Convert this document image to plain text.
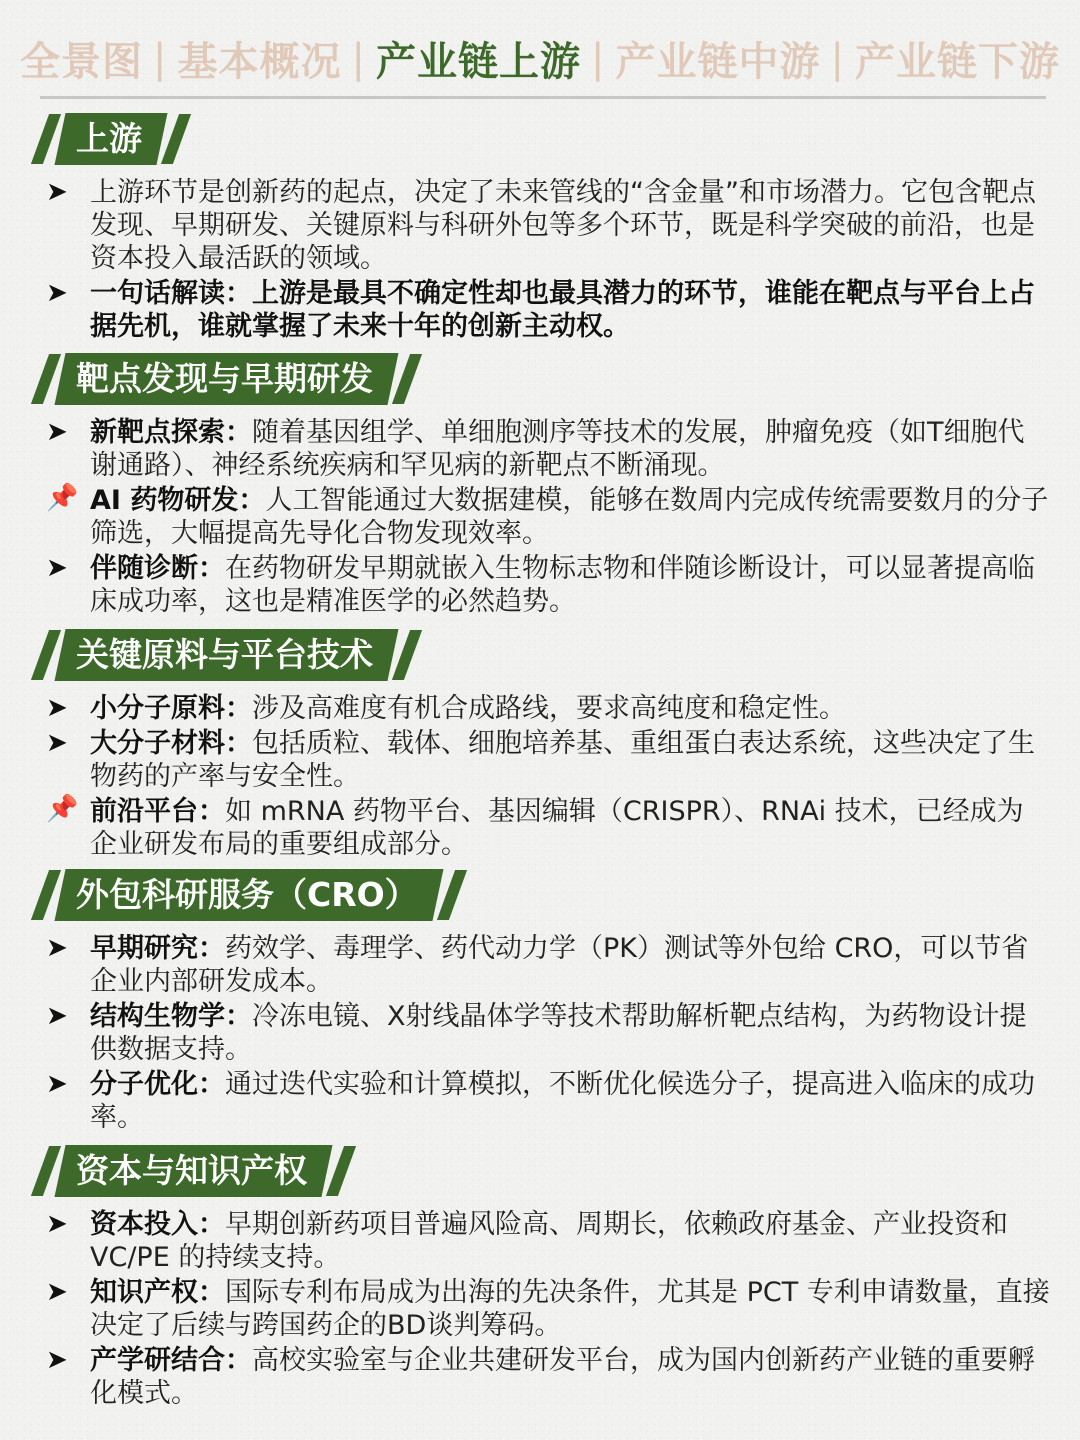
全景图 | 基本概况 | 产业链上游 | 产业链中游 | 产业链下游
上游
➤ 上游环节是创新药的起点，决定了未来管线的“含金量”和市场潜力。它包含靶点发现、早期研发、关键原料与科研外包等多个环节，既是科学突破的前沿，也是资本投入最活跃的领域。
➤ 一句话解读：上游是最具不确定性却也最具潜力的环节，谁能在靶点与平台上占据先机，谁就掌握了未来十年的创新主动权。
靶点发现与早期研发
➤ 新靶点探索：随着基因组学、单细胞测序等技术的发展，肿瘤免疫（如T细胞代谢通路）、神经系统疾病和罕见病的新靶点不断涌现。
📌 AI 药物研发：人工智能通过大数据建模，能够在数周内完成传统需要数月的分子筛选，大幅提高先导化合物发现效率。
➤ 伴随诊断：在药物研发早期就嵌入生物标志物和伴随诊断设计，可以显著提高临床成功率，这也是精准医学的必然趋势。
关键原料与平台技术
➤ 小分子原料：涉及高难度有机合成路线，要求高纯度和稳定性。
➤ 大分子材料：包括质粒、载体、细胞培养基、重组蛋白表达系统，这些决定了生物药的产率与安全性。
📌 前沿平台：如 mRNA 药物平台、基因编辑（CRISPR）、RNAi 技术，已经成为企业研发布局的重要组成部分。
外包科研服务（CRO）
➤ 早期研究：药效学、毒理学、药代动力学（PK）测试等外包给 CRO，可以节省企业内部研发成本。
➤ 结构生物学：冷冻电镜、X射线晶体学等技术帮助解析靶点结构，为药物设计提供数据支持。
➤ 分子优化：通过迭代实验和计算模拟，不断优化候选分子，提高进入临床的成功率。
资本与知识产权
➤ 资本投入：早期创新药项目普遍风险高、周期长，依赖政府基金、产业投资和VC/PE 的持续支持。
➤ 知识产权：国际专利布局成为出海的先决条件，尤其是 PCT 专利申请数量，直接决定了后续与跨国药企的BD谈判筹码。
➤ 产学研结合：高校实验室与企业共建研发平台，成为国内创新药产业链的重要孵化模式。
